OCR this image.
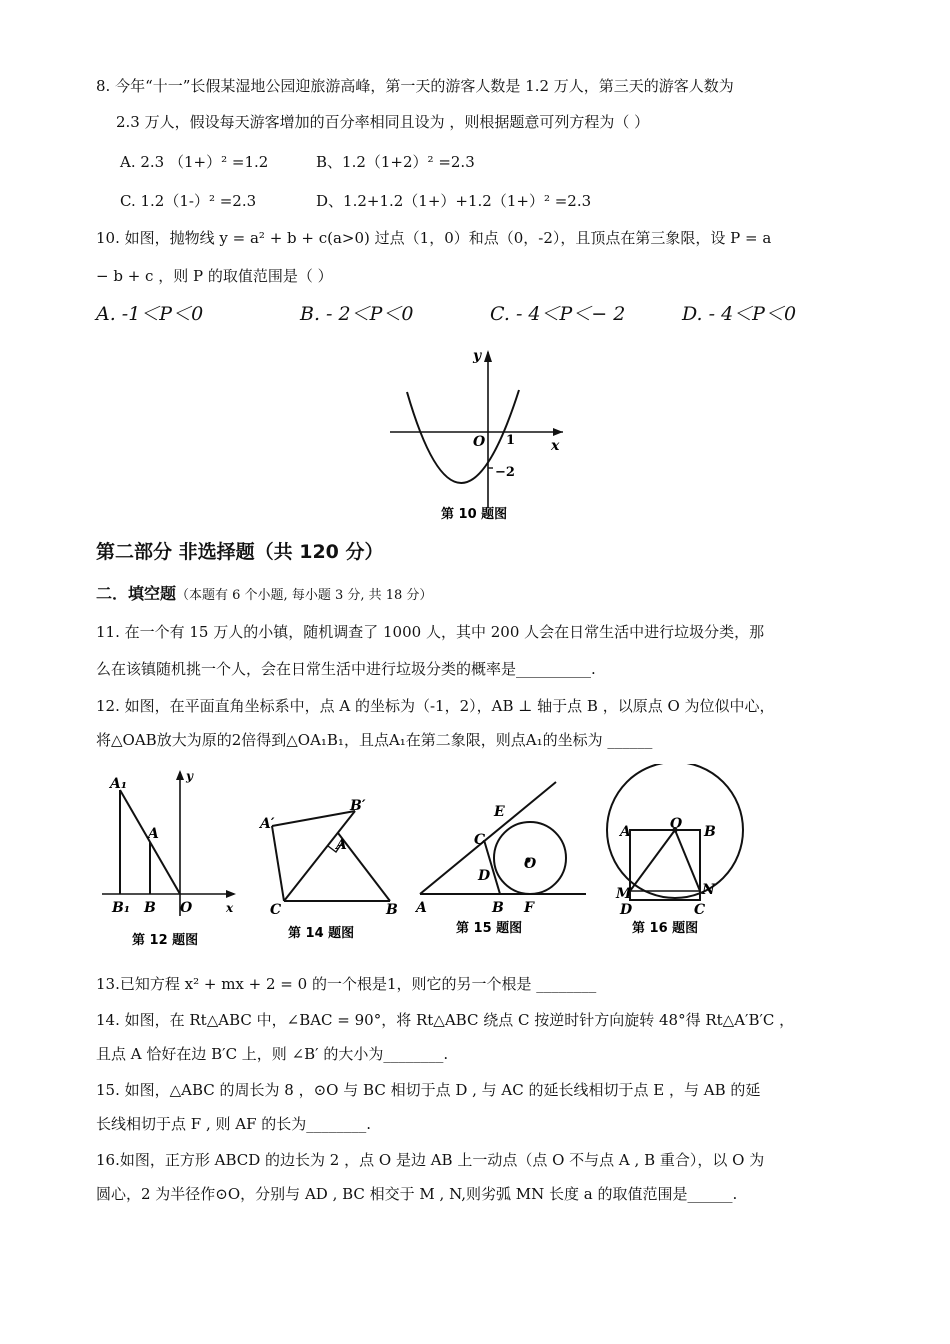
8. 今年“十一”长假某湿地公园迎旅游高峰，第一天的游客人数是 1.2 万人，第三天的游客人数为
2.3 万人，假设每天游客增加的百分率相同且设为 ，则根据题意可列方程为（ ）
A. 2.3 （1+）² =1.2	B、1.2（1+2）² =2.3
C. 1.2（1-）² =2.3	D、1.2+1.2（1+）+1.2（1+）² =2.3
10. 如图，抛物线 y = a² + b + c(a>0) 过点（1，0）和点（0，-2），且顶点在第三象限，设 P = a
− b + c ，则 P 的取值范围是（ ）
A. -1＜P＜0	B. - 2＜P＜0	C. - 4＜P＜− 2	D. - 4＜P＜0
y
x
O 1
−2
第 10 题图
第二部分 非选择题（共 120 分）
二．填空题（本题有 6 个小题, 每小题 3 分, 共 18 分）
11. 在一个有 15 万人的小镇，随机调查了 1000 人，其中 200 人会在日常生活中进行垃圾分类，那
么在该镇随机挑一个人，会在日常生活中进行垃圾分类的概率是__________.
12. 如图，在平面直角坐标系中，点 A 的坐标为（-1，2），AB ⊥ 轴于点 B ，以原点 O 为位似中心，
将△OAB放大为原的2倍得到△OA₁B₁，且点A₁在第二象限，则点A₁的坐标为 ______
A₁
A
B₁ B O	x
y
第 12 题图
A′
B′
A
C	B
第 14 题图
E
C
D
O
A	B F
第 15 题图
A	O B
M	N
D	C
第 16 题图
13.已知方程 x² + mx + 2 = 0 的一个根是1，则它的另一个根是 ________
14. 如图，在 Rt△ABC 中，∠BAC = 90°，将 Rt△ABC 绕点 C 按逆时针方向旋转 48°得 Rt△A′B′C ，
且点 A 恰好在边 B′C 上，则 ∠B′ 的大小为________.
15. 如图，△ABC 的周长为 8 ，⊙O 与 BC 相切于点 D , 与 AC 的延长线相切于点 E ，与 AB 的延
长线相切于点 F , 则 AF 的长为________.
16.如图，正方形 ABCD 的边长为 2 ，点 O 是边 AB 上一动点（点 O 不与点 A , B 重合），以 O 为
圆心，2 为半径作⊙O，分别与 AD , BC 相交于 M , N,则劣弧 MN 长度 a 的取值范围是______.
